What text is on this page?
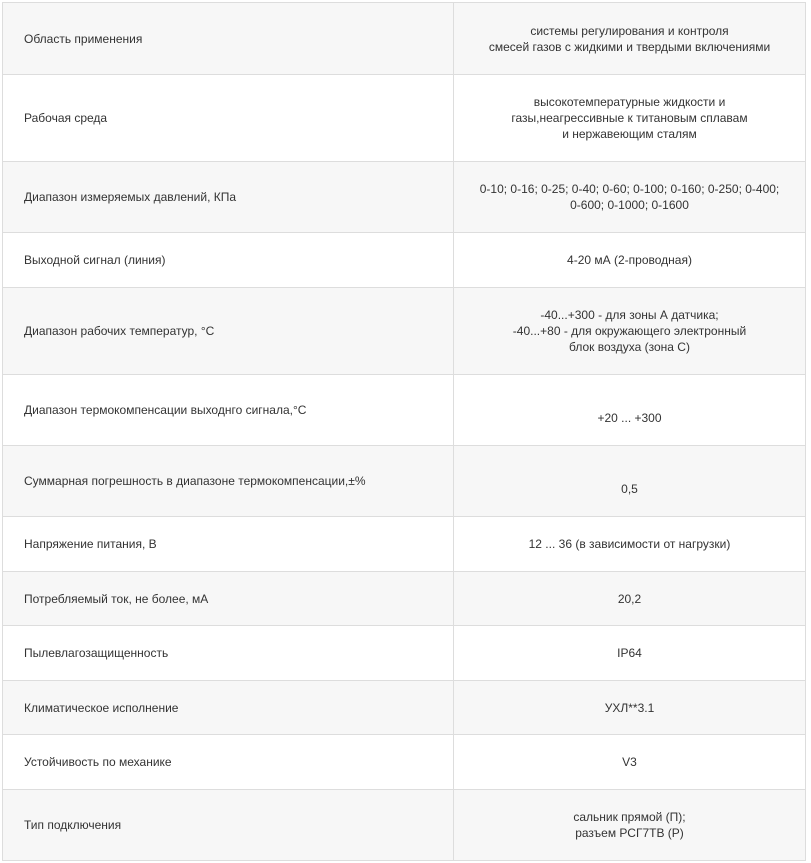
Область применения	системы регулирования и контроля
смесей газов с жидкими и твердыми включениями
Рабочая среда	высокотемпературные жидкости и газы,неагрессивные к титановым сплавам
и нержавеющим сталям
Диапазон измеряемых давлений, КПа	0-10; 0-16; 0-25; 0-40; 0-60; 0-100; 0-160; 0-250; 0-400;
0-600; 0-1000; 0-1600
Выходной сигнал (линия)	4-20 мА (2-проводная)
Диапазон рабочих температур, °С	-40...+300 - для зоны А датчика;
-40...+80 - для окружающего электронный
блок воздуха (зона С)
Диапазон термокомпенсации выходнго сигнала,°С	+20 ... +300
Суммарная погрешность в диапазоне термокомпенсации,±%	0,5
Напряжение питания, В	12 ... 36 (в зависимости от нагрузки)
Потребляемый ток, не более, мА	20,2
Пылевлагозащищенность	IP64
Климатическое исполнение	УХЛ**3.1
Устойчивость по механике	V3
Тип подключения	сальник прямой (П);
разъем РСГ7ТВ (Р)
